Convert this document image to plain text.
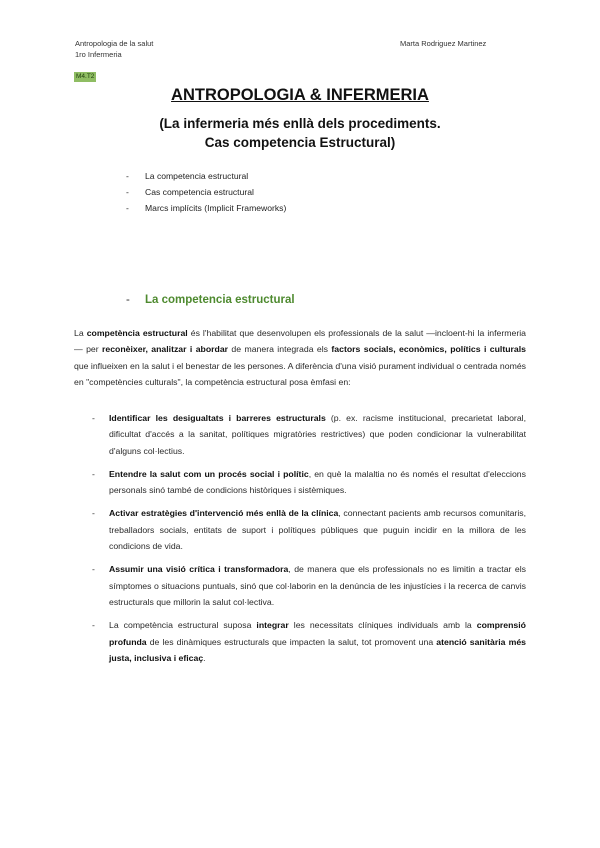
Antropologia de la salut
1ro Infermeria
Marta Rodriguez Martinez
M4.T2
ANTROPOLOGIA & INFERMERIA
(La infermeria més enllà dels procediments.
Cas competencia Estructural)
- La competencia estructural
- Cas competencia estructural
- Marcs implícits (Implicit Frameworks)
- La competencia estructural
La competència estructural és l'habilitat que desenvolupen els professionals de la salut —incloent-hi la infermeria— per reconèixer, analitzar i abordar de manera integrada els factors socials, econòmics, polítics i culturals que influeixen en la salut i el benestar de les persones. A diferència d'una visió purament individual o centrada només en "competències culturals", la competència estructural posa èmfasi en:
- Identificar les desigualtats i barreres estructurals (p. ex. racisme institucional, precarietat laboral, dificultat d'accés a la sanitat, polítiques migratòries restrictives) que poden condicionar la vulnerabilitat d'alguns col·lectius.
- Entendre la salut com un procés social i polític, en què la malaltia no és només el resultat d'eleccions personals sinó també de condicions històriques i sistèmiques.
- Activar estratègies d'intervenció més enllà de la clínica, connectant pacients amb recursos comunitaris, treballadors socials, entitats de suport i polítiques públiques que puguin incidir en la millora de les condicions de vida.
- Assumir una visió crítica i transformadora, de manera que els professionals no es limitin a tractar els símptomes o situacions puntuals, sinó que col·laborin en la denúncia de les injustícies i la recerca de canvis estructurals que millorin la salut col·lectiva.
- La competència estructural suposa integrar les necessitats clíniques individuals amb la comprensió profunda de les dinàmiques estructurals que impacten la salut, tot promovent una atenció sanitària més justa, inclusiva i eficaç.
